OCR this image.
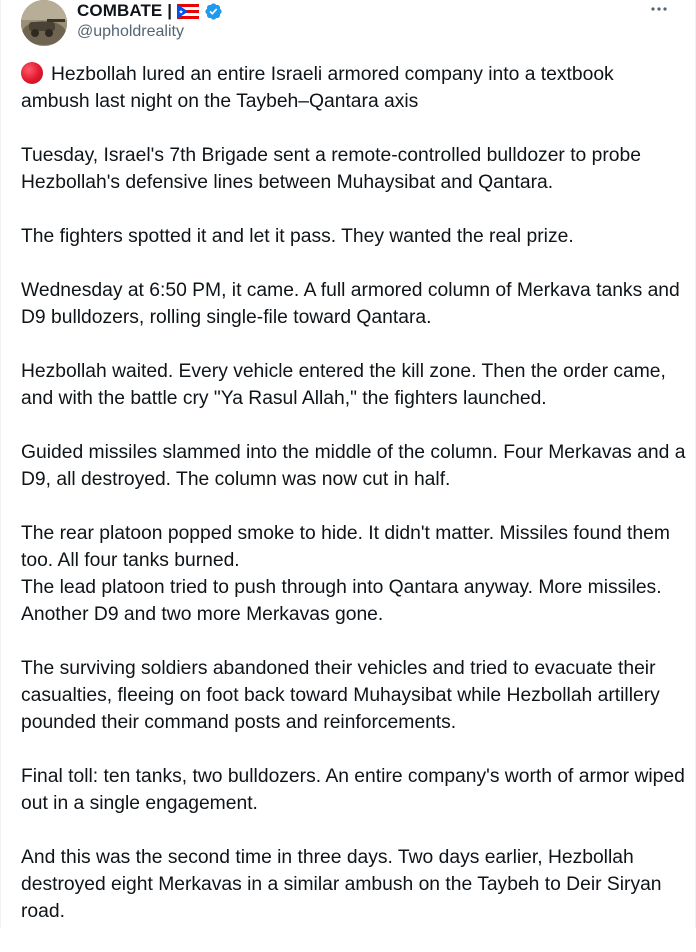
COMBATE |
@upholdreality

Hezbollah lured an entire Israeli armored company into a textbook ambush last night on the Taybeh–Qantara axis

Tuesday, Israel's 7th Brigade sent a remote-controlled bulldozer to probe Hezbollah's defensive lines between Muhaysibat and Qantara.

The fighters spotted it and let it pass. They wanted the real prize.

Wednesday at 6:50 PM, it came. A full armored column of Merkava tanks and D9 bulldozers, rolling single-file toward Qantara.

Hezbollah waited. Every vehicle entered the kill zone. Then the order came, and with the battle cry "Ya Rasul Allah," the fighters launched.

Guided missiles slammed into the middle of the column. Four Merkavas and a D9, all destroyed. The column was now cut in half.

The rear platoon popped smoke to hide. It didn't matter. Missiles found them too. All four tanks burned.

The lead platoon tried to push through into Qantara anyway. More missiles. Another D9 and two more Merkavas gone.

The surviving soldiers abandoned their vehicles and tried to evacuate their casualties, fleeing on foot back toward Muhaysibat while Hezbollah artillery pounded their command posts and reinforcements.

Final toll: ten tanks, two bulldozers. An entire company's worth of armor wiped out in a single engagement.

And this was the second time in three days. Two days earlier, Hezbollah destroyed eight Merkavas in a similar ambush on the Taybeh to Deir Siryan road.
